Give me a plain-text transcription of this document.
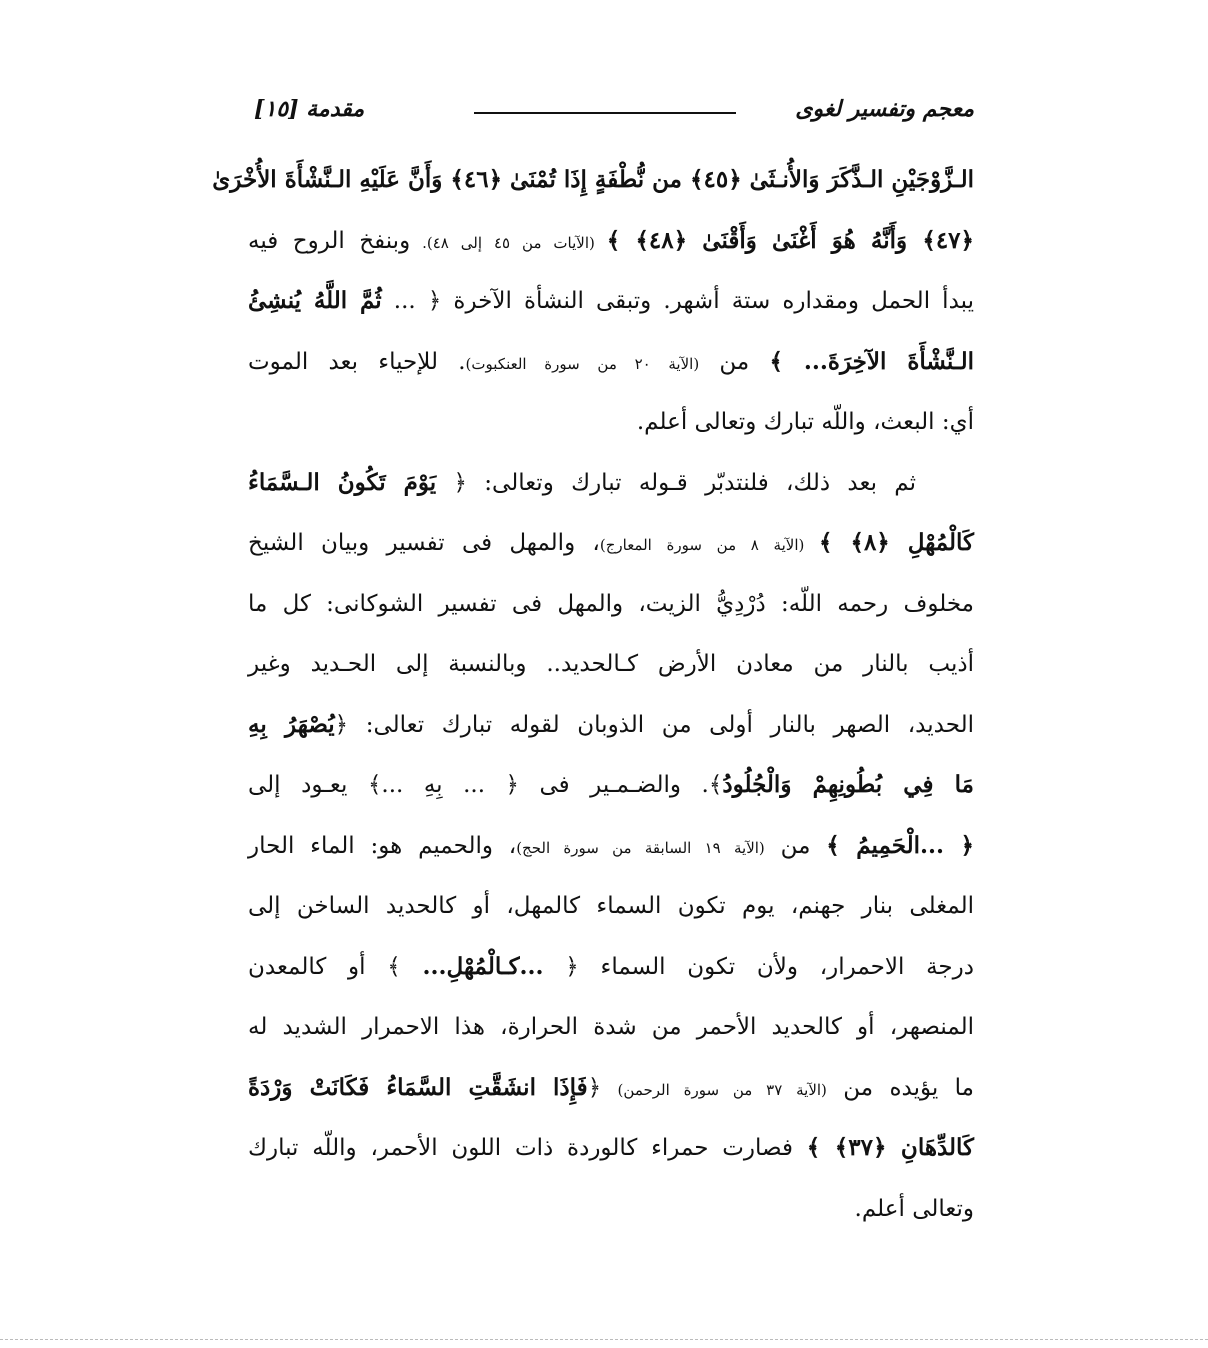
معجم وتفسير لغوى
مقدمة [١٥]
الـزَّوْجَيْنِ الـذَّكَرَ وَالأُنـثَىٰ ﴿٤٥﴾ من نُّطْفَةٍ إِذَا تُمْنَىٰ ﴿٤٦﴾ وَأَنَّ عَلَيْهِ الـنَّشْأَةَ الأُخْرَىٰ
﴿٤٧﴾ وَأَنَّهُ هُوَ أَغْنَىٰ وَأَقْنَىٰ ﴿٤٨﴾ ﴾ (الآيات من ٤٥ إلى ٤٨). وبنفخ الروح فيه
يبدأ الحمل ومقداره ستة أشهر. وتبقى النشأة الآخرة ﴿ ... ثُمَّ اللَّهُ يُنشِئُ
الـنَّشْأَةَ الآخِرَةَ... ﴾ من (الآية ٢٠ من سورة العنكبوت). للإحياء بعد الموت
أي: البعث، واللّه تبارك وتعالى أعلم.
ثم بعد ذلك، فلنتدبّر قـوله تبارك وتعالى: ﴿ يَوْمَ تَكُونُ الـسَّمَاءُ
كَالْمُهْلِ ﴿٨﴾ ﴾ (الآية ٨ من سورة المعارج)، والمهل فى تفسير وبيان الشيخ
مخلوف رحمه اللّه: دُرْدِيُّ الزيت، والمهل فى تفسير الشوكانى: كل ما
أذيب بالنار من معادن الأرض كـالحديد.. وبالنسبة إلى الحـديد وغير
الحديد، الصهر بالنار أولى من الذوبان لقوله تبارك تعالى: ﴿يُصْهَرُ بِهِ
مَا فِي بُطُونِهِمْ وَالْجُلُودُ﴾. والضـمـير فى ﴿ ... بِهِ ...﴾ يعـود إلى
﴿ ...الْحَمِيمُ ﴾ من (الآية ١٩ السابقة من سورة الحج)، والحميم هو: الماء الحار
المغلى بنار جهنم، يوم تكون السماء كالمهل، أو كالحديد الساخن إلى
درجة الاحمرار، ولأن تكون السماء ﴿ ...كـالْمُهْلِ... ﴾ أو كالمعدن
المنصهر، أو كالحديد الأحمر من شدة الحرارة، هذا الاحمرار الشديد له
ما يؤيده من (الآية ٣٧ من سورة الرحمن) ﴿فَإِذَا انشَقَّتِ السَّمَاءُ فَكَانَتْ وَرْدَةً
كَالدِّهَانِ ﴿٣٧﴾ ﴾ فصارت حمراء كالوردة ذات اللون الأحمر، واللّه تبارك
وتعالى أعلم.
